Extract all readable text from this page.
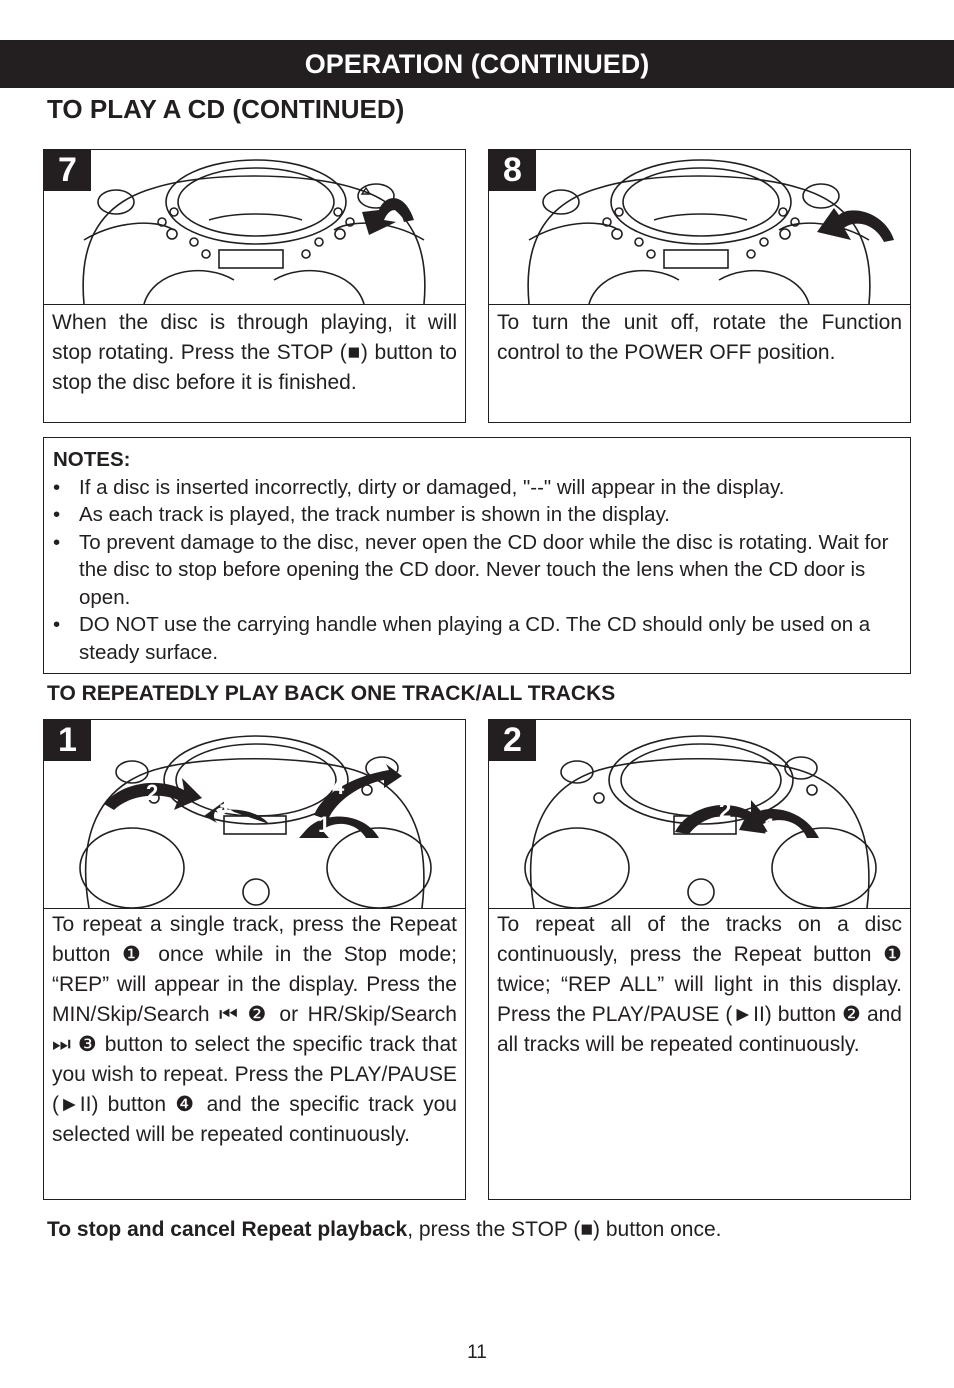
OPERATION (CONTINUED)
TO PLAY A CD (CONTINUED)
7
When the disc is through playing, it will stop rotating. Press the STOP (■) button to stop the disc before it is finished.
8
To turn the unit off, rotate the Function control to the POWER OFF position.
NOTES:
• If a disc is inserted incorrectly, dirty or damaged, "--" will appear in the display.
• As each track is played, the track number is shown in the display.
• To prevent damage to the disc, never open the CD door while the disc is rotating. Wait for the disc to stop before opening the CD door. Never touch the lens when the CD door is open.
• DO NOT use the carrying handle when playing a CD. The CD should only be used on a steady surface.
TO REPEATEDLY PLAY BACK ONE TRACK/ALL TRACKS
1
2
3
4
1
To repeat a single track, press the Repeat button ❶ once while in the Stop mode; “REP” will appear in the display. Press the MIN/Skip/Search ⏮ ❷ or HR/Skip/Search ⏭ ❸ button to select the specific track that you wish to repeat. Press the PLAY/PAUSE (►II) button ❹ and the specific track you selected will be repeated continuously.
2
2
1
To repeat all of the tracks on a disc continuously, press the Repeat button ❶ twice; “REP ALL” will light in this display. Press the PLAY/PAUSE (►II) button ❷ and all tracks will be repeated continuously.
To stop and cancel Repeat playback, press the STOP (■) button once.
11
